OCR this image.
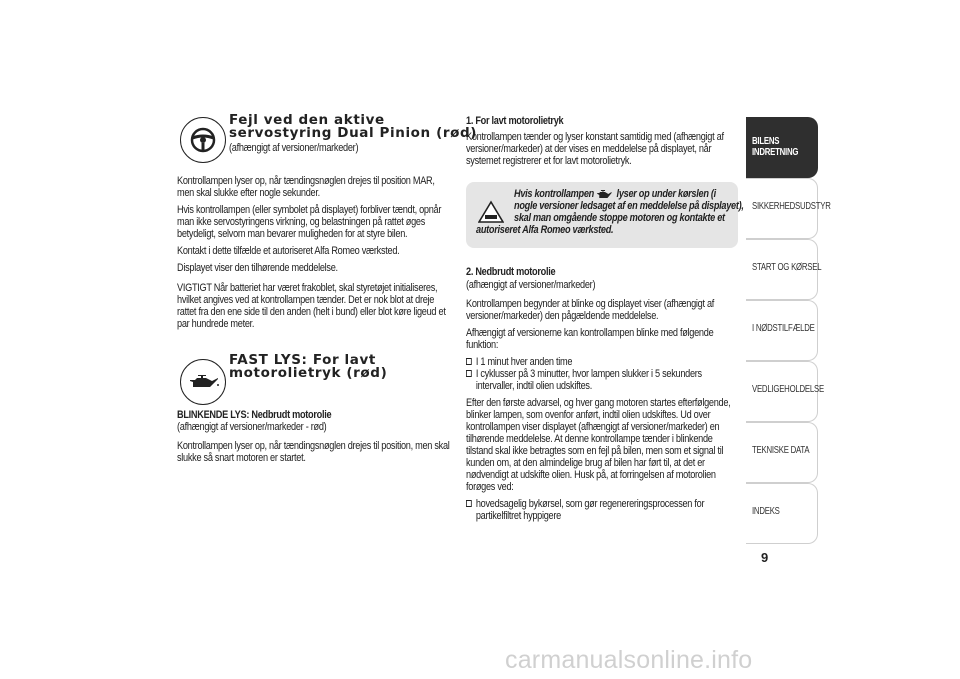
Fejl ved den aktive
servostyring Dual Pinion (rød)
(afhængigt af versioner/markeder)

Kontrollampen lyser op, når tændingsnøglen drejes til position MAR, men skal slukke efter nogle sekunder.

Hvis kontrollampen (eller symbolet på displayet) forbliver tændt, opnår man ikke servostyringens virkning, og belastningen på rattet øges betydeligt, selvom man bevarer muligheden for at styre bilen.

Kontakt i dette tilfælde et autoriseret Alfa Romeo værksted.

Displayet viser den tilhørende meddelelse.

VIGTIGT Når batteriet har været frakoblet, skal styretøjet initialiseres, hvilket angives ved at kontrollampen tænder. Det er nok blot at dreje rattet fra den ene side til den anden (helt i bund) eller blot køre ligeud et par hundrede meter.

FAST LYS: For lavt
motorolietryk (rød)
BLINKENDE LYS: Nedbrudt motorolie
(afhængigt af versioner/markeder - rød)
Kontrollampen lyser op, når tændingsnøglen drejes til position, men skal slukke så snart motoren er startet.
1. For lavt motorolietryk
Kontrollampen tænder og lyser konstant samtidig med (afhængigt af versioner/markeder) at der vises en meddelelse på displayet, når systemet registrerer et for lavt motorolietryk.
Hvis kontrollampen lyser op under kørslen (i
nogle versioner ledsaget af en meddelelse på displayet),
skal man omgående stoppe motoren og kontakte et
autoriseret Alfa Romeo værksted.
2. Nedbrudt motorolie
(afhængigt af versioner/markeder)

Kontrollampen begynder at blinke og displayet viser (afhængigt af versioner/markeder) den pågældende meddelelse.

Afhængigt af versionerne kan kontrollampen blinke med følgende funktion:

I 1 minut hver anden time
I cyklusser på 3 minutter, hvor lampen slukker i 5 sekunders intervaller, indtil olien udskiftes.

Efter den første advarsel, og hver gang motoren startes efterfølgende, blinker lampen, som ovenfor anført, indtil olien udskiftes. Ud over kontrollampen viser displayet (afhængigt af versioner/markeder) en tilhørende meddelelse. At denne kontrollampe tænder i blinkende tilstand skal ikke betragtes som en fejl på bilen, men som et signal til kunden om, at den almindelige brug af bilen har ført til, at det er nødvendigt at udskifte olien. Husk på, at forringelsen af motorolien forøges ved:

hovedsagelig bykørsel, som gør regenereringsprocessen for partikelfiltret hyppigere
BILENS INDRETNING
SIKKERHEDSUDSTYR
START OG KØRSEL
I NØDSTILFÆLDE
VEDLIGEHOLDELSE
TEKNISKE DATA
INDEKS
9
carmanualsonline.info
